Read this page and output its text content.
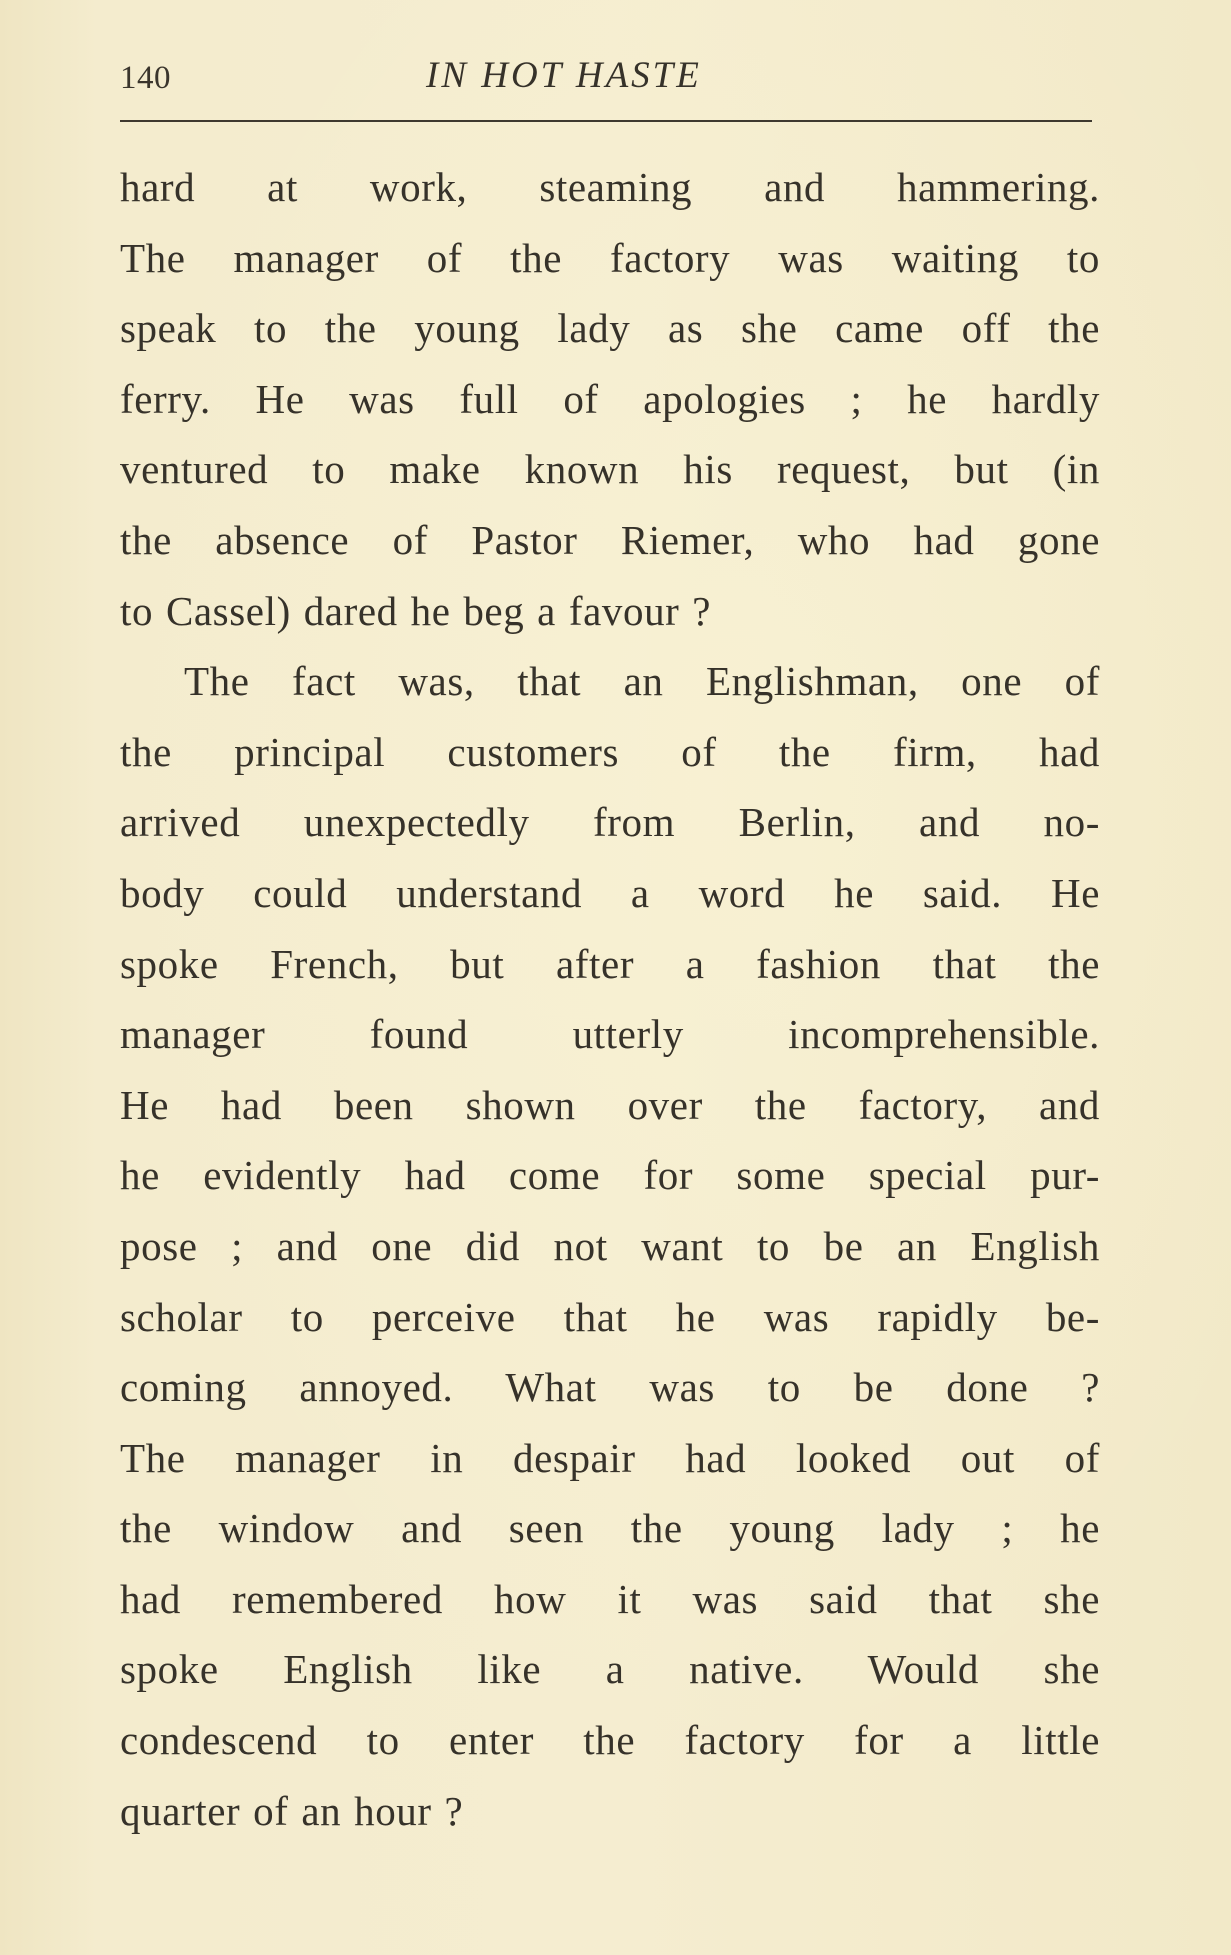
140	IN HOT HASTE
hard at work, steaming and hammering.
The manager of the factory was waiting to
speak to the young lady as she came off the
ferry. He was full of apologies ; he hardly
ventured to make known his request, but (in
the absence of Pastor Riemer, who had gone
to Cassel) dared he beg a favour ?
The fact was, that an Englishman, one of
the principal customers of the firm, had
arrived unexpectedly from Berlin, and no-
body could understand a word he said. He
spoke French, but after a fashion that the
manager found utterly incomprehensible.
He had been shown over the factory, and
he evidently had come for some special pur-
pose ; and one did not want to be an English
scholar to perceive that he was rapidly be-
coming annoyed. What was to be done ?
The manager in despair had looked out of
the window and seen the young lady ; he
had remembered how it was said that she
spoke English like a native. Would she
condescend to enter the factory for a little
quarter of an hour ?
